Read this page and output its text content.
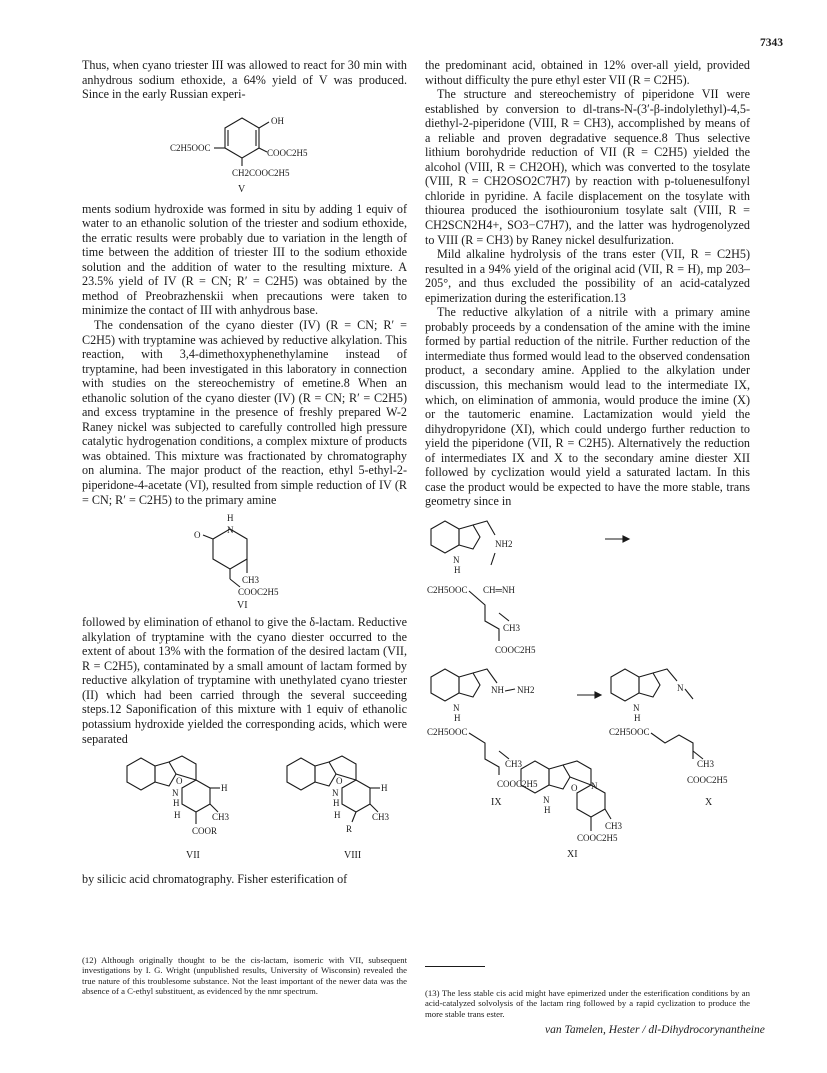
7343

Thus, when cyano triester III was allowed to react for 30 min with anhydrous sodium ethoxide, a 64% yield of V was produced. Since in the early Russian experi-

OH
C2H5OOC	COOC2H5
CH2COOC2H5
V

ments sodium hydroxide was formed in situ by adding 1 equiv of water to an ethanolic solution of the triester and sodium ethoxide, the erratic results were probably due to variation in the length of time between the addition of triester III to the sodium ethoxide solution and the addition of water to the resulting mixture. A 23.5% yield of IV (R = CN; R′ = C2H5) was obtained by the method of Preobrazhenskii when precautions were taken to minimize the contact of III with anhydrous base.

The condensation of the cyano diester (IV) (R = CN; R′ = C2H5) with tryptamine was achieved by reductive alkylation. This reaction, with 3,4-dimethoxyphenethylamine instead of tryptamine, had been investigated in this laboratory in connection with studies on the stereochemistry of emetine.8 When an ethanolic solution of the cyano diester (IV) (R = CN; R′ = C2H5) and excess tryptamine in the presence of freshly prepared W-2 Raney nickel was subjected to carefully controlled high pressure catalytic hydrogenation conditions, a complex mixture of products was obtained. This mixture was fractionated by chromatography on alumina. The major product of the reaction, ethyl 5-ethyl-2-piperidone-4-acetate (VI), resulted from simple reduction of IV (R = CN; R′ = C2H5) to the primary amine

H
N
O
CH3
COOC2H5
VI

followed by elimination of ethanol to give the δ-lactam. Reductive alkylation of tryptamine with the cyano diester occurred to the extent of about 13% with the formation of the desired lactam (VII, R = C2H5), contaminated by a small amount of lactam formed by reductive alkylation of tryptamine with unethylated cyano triester (II) which had been carried through the several succeeding steps.12 Saponification of this mixture with 1 equiv of ethanolic potassium hydroxide yielded the corresponding acids, which were separated

N
H
O
H
H	CH3
COOR
VII
N
H
O
H
H	CH3
R
VIII

by silicic acid chromatography. Fisher esterification of

the predominant acid, obtained in 12% over-all yield, provided without difficulty the pure ethyl ester VII (R = C2H5).

The structure and stereochemistry of piperidone VII were established by conversion to dl-trans-N-(3′-β-indolylethyl)-4,5-diethyl-2-piperidone (VIII, R = CH3), accomplished by means of a reliable and proven degradative sequence.8 Thus selective lithium borohydride reduction of VII (R = C2H5) yielded the alcohol (VIII, R = CH2OH), which was converted to the tosylate (VIII, R = CH2OSO2C7H7) by reaction with p-toluenesulfonyl chloride in pyridine. A facile displacement on the tosylate with thiourea produced the isothiouronium tosylate salt (VIII, R = CH2SCN2H4+, SO3−C7H7), and the latter was hydrogenolyzed to VIII (R = CH3) by Raney nickel desulfurization.

Mild alkaline hydrolysis of the trans ester (VII, R = C2H5) resulted in a 94% yield of the original acid (VII, R = H), mp 203–205°, and thus excluded the possibility of an acid-catalyzed epimerization during the esterification.13

The reductive alkylation of a nitrile with a primary amine probably proceeds by a condensation of the amine with the imine formed by partial reduction of the nitrile. Further reduction of the intermediate thus formed would lead to the observed condensation product, a secondary amine. Applied to the alkylation under discussion, this mechanism would lead to the intermediate IX, which, on elimination of ammonia, would produce the imine (X) or the tautomeric enamine. Lactamization would yield the dihydropyridone (XI), which could undergo further reduction to yield the piperidone (VII, R = C2H5). Alternatively the reduction of intermediates IX and X to the secondary amine diester XII followed by cyclization would yield a saturated lactam. In this case the product would be expected to have the more stable, trans geometry since in

NH2
N
H
C2H5OOC CH═NH
CH3
COOC2H5
NH NH2
N
H
C2H5OOC
CH3
COOC2H5
IX
N
N
H
C2H5OOC
CH3
COOC2H5
X
N
H
O N
CH3
COOC2H5
XI
(12) Although originally thought to be the cis-lactam, isomeric with VII, subsequent investigations by I. G. Wright (unpublished results, University of Wisconsin) revealed the true nature of this troublesome substance. Not the least important of the newer data was the absence of a C-ethyl substituent, as evidenced by the nmr spectrum.	(13) The less stable cis acid might have epimerized under the esterification conditions by an acid-catalyzed solvolysis of the lactam ring followed by a rapid cyclization to produce the more stable trans ester.
van Tamelen, Hester / dl-Dihydrocorynantheine
